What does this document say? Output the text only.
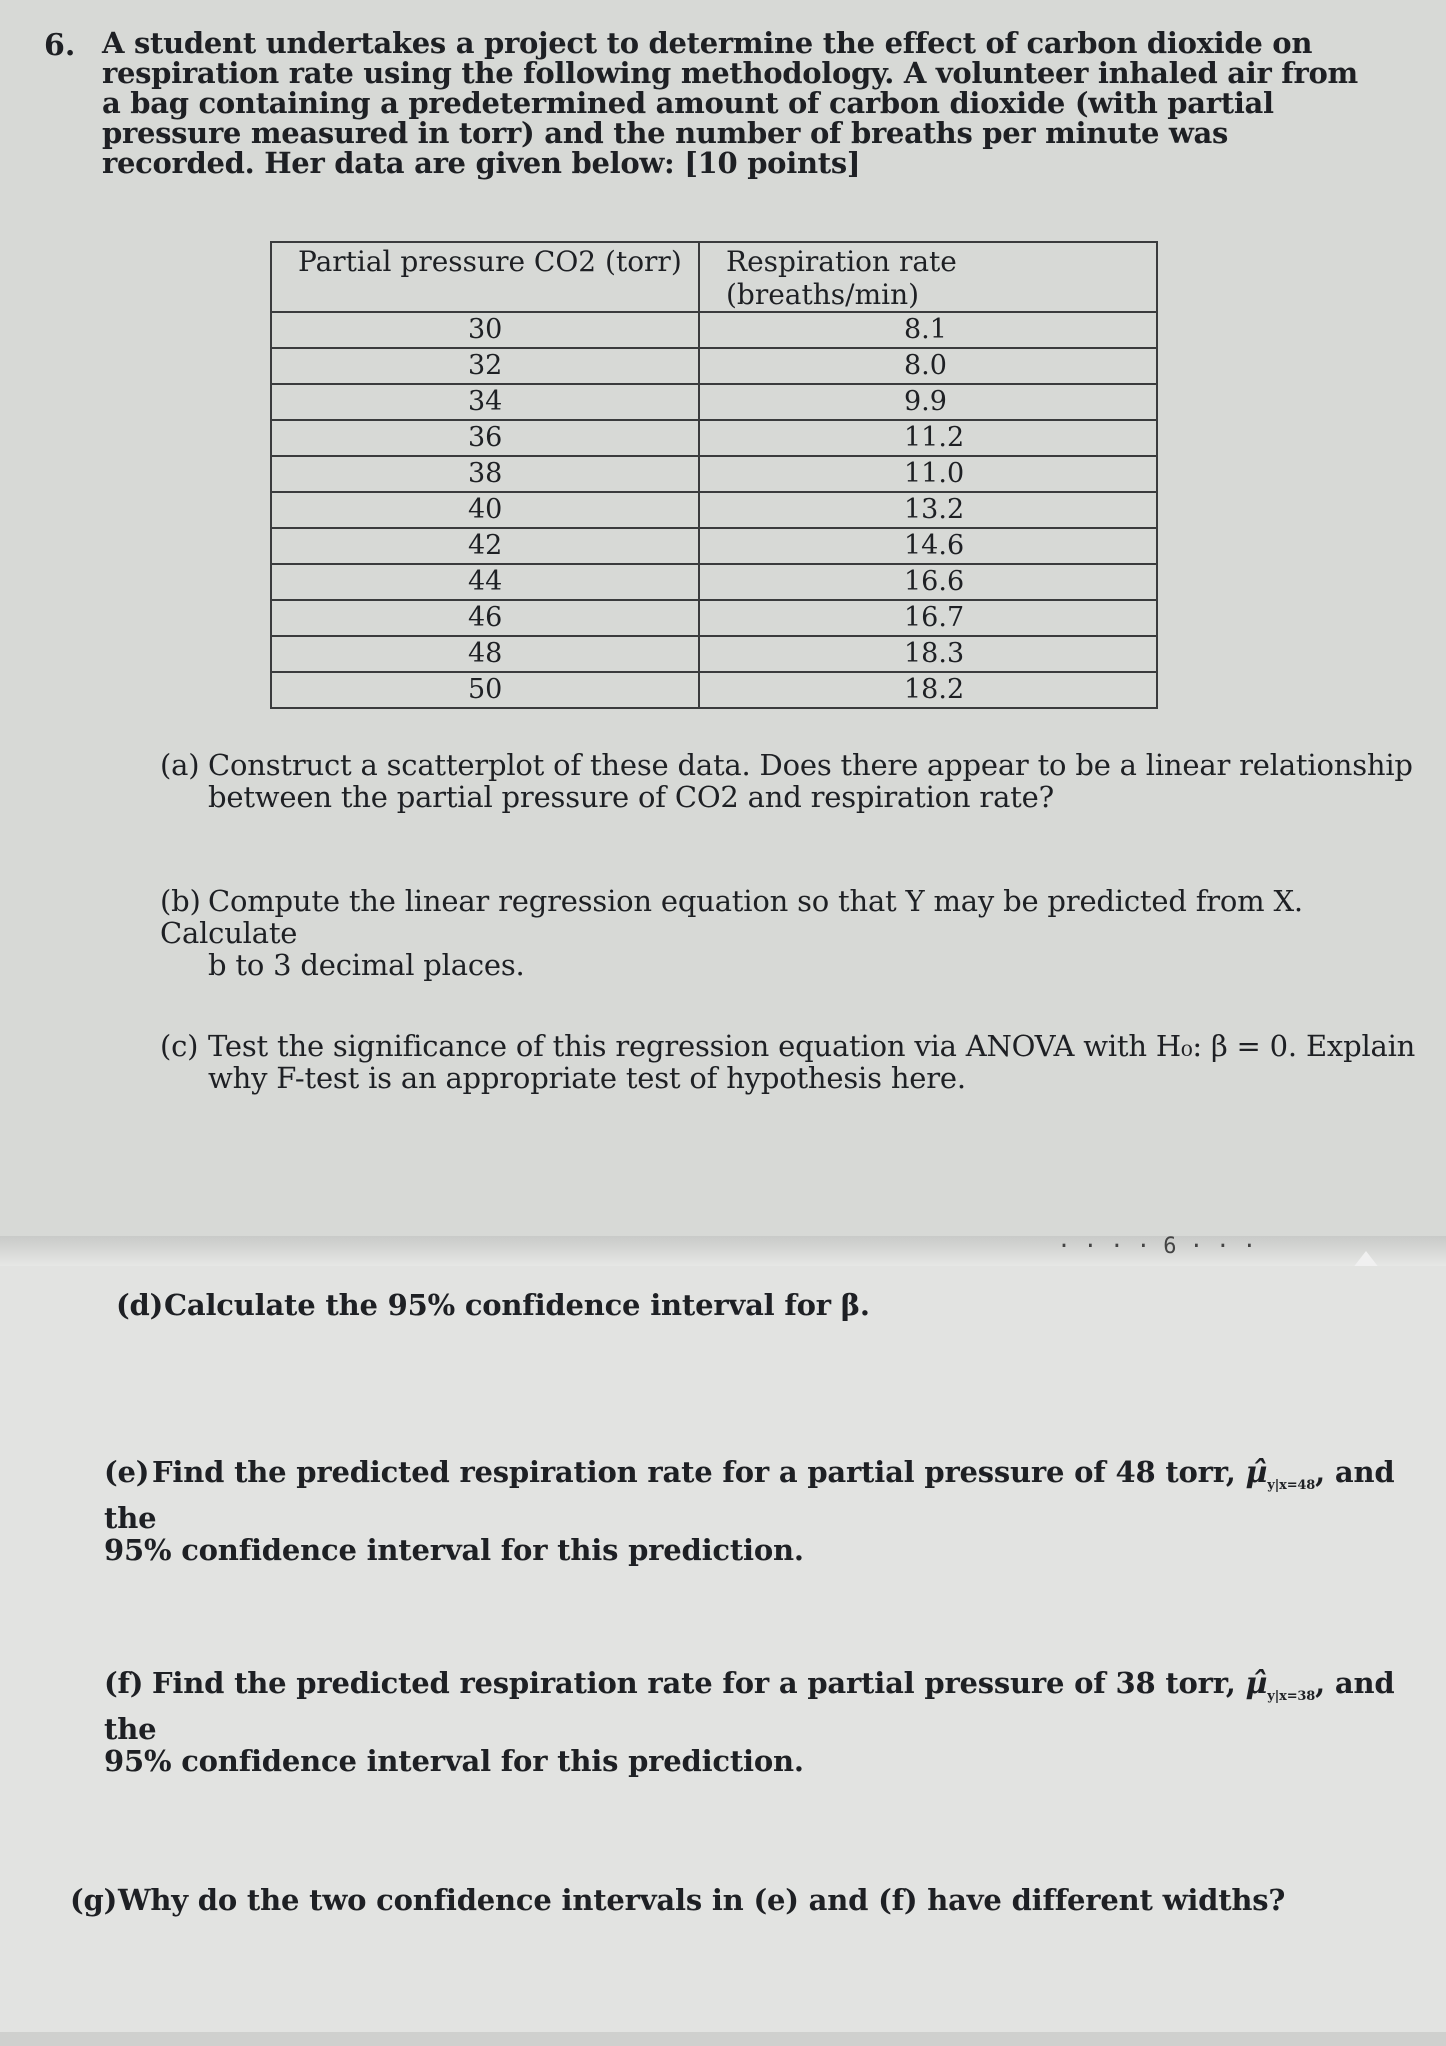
· · · · 6 · · ·
6. A student undertakes a project to determine the effect of carbon dioxide on respiration rate using the following methodology. A volunteer inhaled air from a bag containing a predetermined amount of carbon dioxide (with partial pressure measured in torr) and the number of breaths per minute was recorded. Her data are given below: [10 points]
Partial pressure CO2 (torr)	Respiration rate (breaths/min)
30	8.1
32	8.0
34	9.9
36	11.2
38	11.0
40	13.2
42	14.6
44	16.6
46	16.7
48	18.3
50	18.2
(a) Construct a scatterplot of these data. Does there appear to be a linear relationship
between the partial pressure of CO2 and respiration rate?
(b) Compute the linear regression equation so that Y may be predicted from X. Calculate
b to 3 decimal places.
(c) Test the significance of this regression equation via ANOVA with H₀: β = 0. Explain
why F-test is an appropriate test of hypothesis here.
(d)Calculate the 95% confidence interval for β.
(e)Find the predicted respiration rate for a partial pressure of 48 torr, $\mû_{y|x=48}$, and the
95% confidence interval for this prediction.
(f) Find the predicted respiration rate for a partial pressure of 38 torr, $\mû_{y|x=38}$, and the
95% confidence interval for this prediction.
(g)Why do the two confidence intervals in (e) and (f) have different widths?
